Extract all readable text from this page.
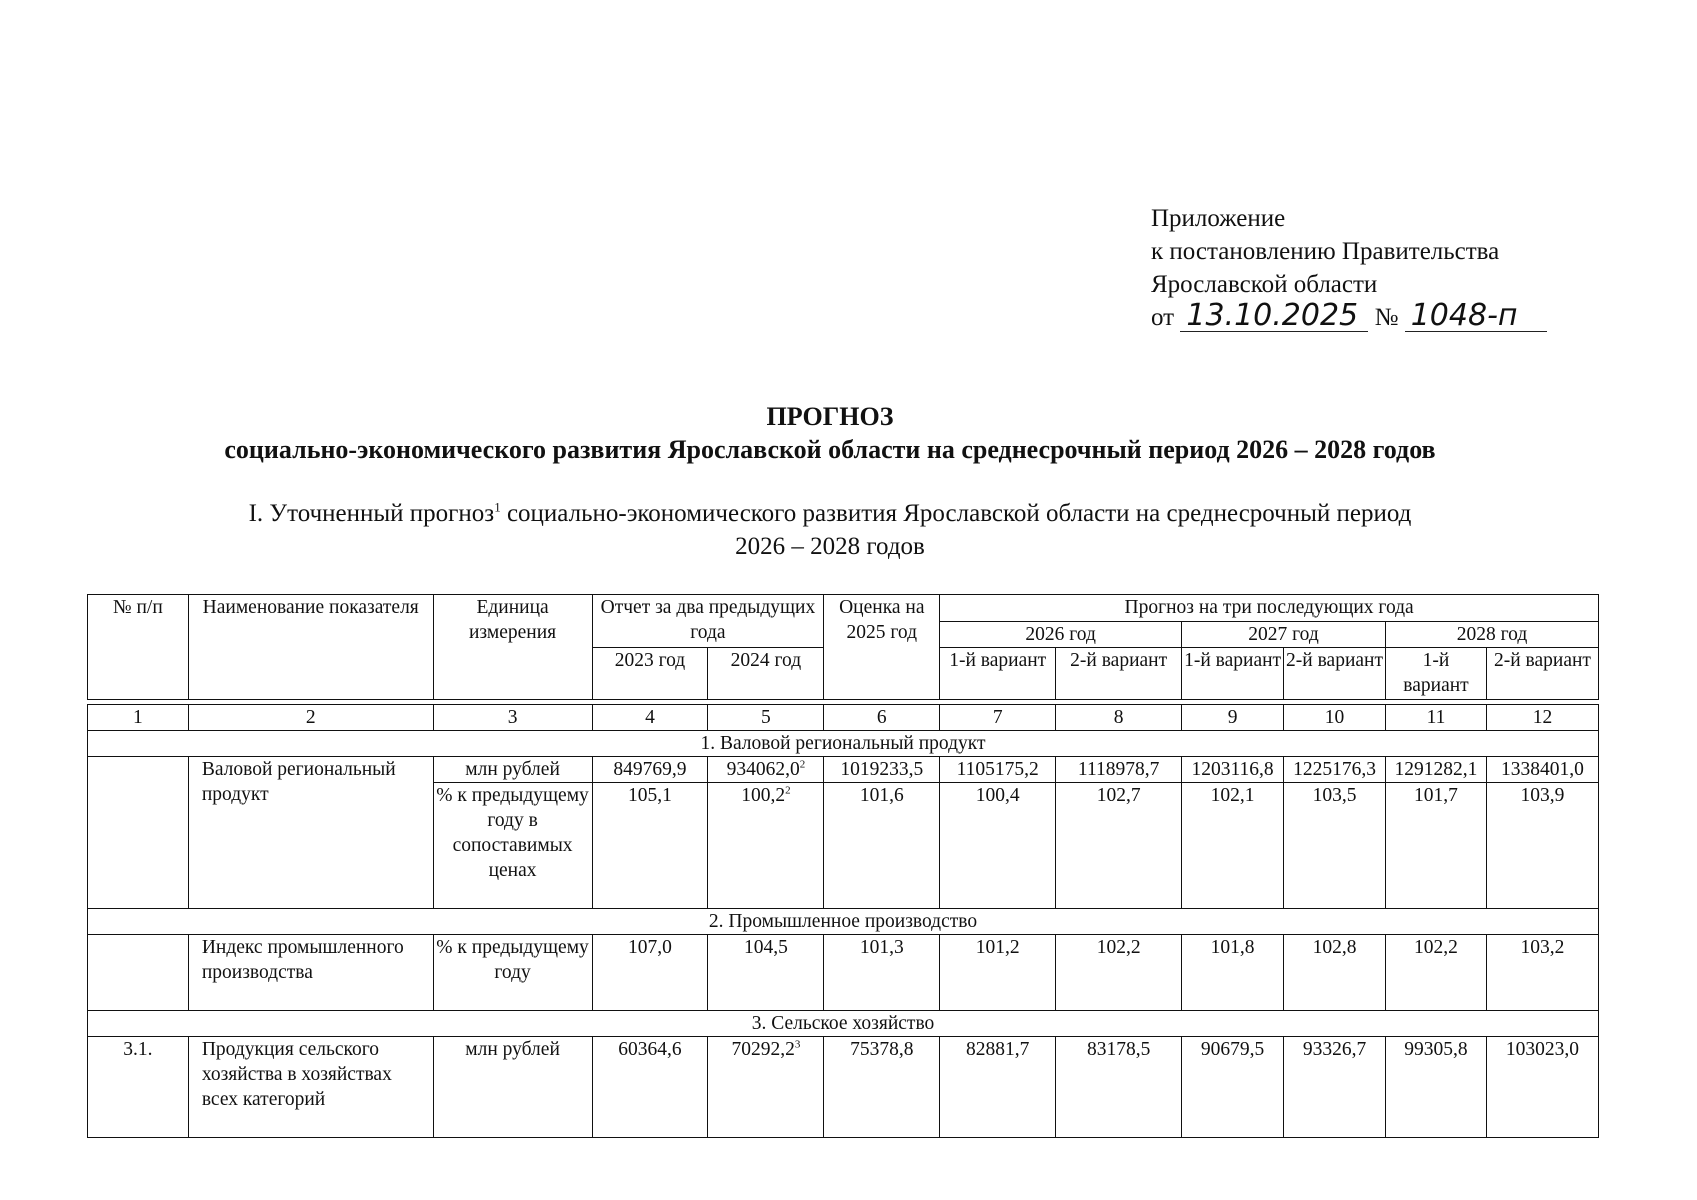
Приложение
к постановлению Правительства
Ярославской области
от 13.10.2025 № 1048-п
ПРОГНОЗ
социально-экономического развития Ярославской области на среднесрочный период 2026 – 2028 годов
I. Уточненный прогноз$^1$ социально-экономического развития Ярославской области на среднесрочный период
2026 – 2028 годов
№ п/п	Наименование показателя	Единица измерения	Отчет за два предыдущих года		Оценка на 2025 год	Прогноз на три последующих года					
						2026 год		2027 год		2028 год	
			2023 год	2024 год		1-й вариант	2-й вариант	1-й вариант	2-й вариант	1-й вариант	2-й вариант

1	2	3	4	5	6	7	8	9	10	11	12
1. Валовой региональный продукт											
	Валовой региональный продукт	млн рублей	849769,9	934062,0$^2$	1019233,5	1105175,2	1118978,7	1203116,8	1225176,3	1291282,1	1338401,0
		% к предыдущему году в сопоставимых ценах	105,1	100,2$^2$	101,6	100,4	102,7	102,1	103,5	101,7	103,9
2. Промышленное производство											
	Индекс промышленного производства	% к предыдущему году	107,0	104,5	101,3	101,2	102,2	101,8	102,8	102,2	103,2
3. Сельское хозяйство											
3.1.	Продукция сельского хозяйства в хозяйствах всех категорий	млн рублей	60364,6	70292,2$^3$	75378,8	82881,7	83178,5	90679,5	93326,7	99305,8	103023,0
